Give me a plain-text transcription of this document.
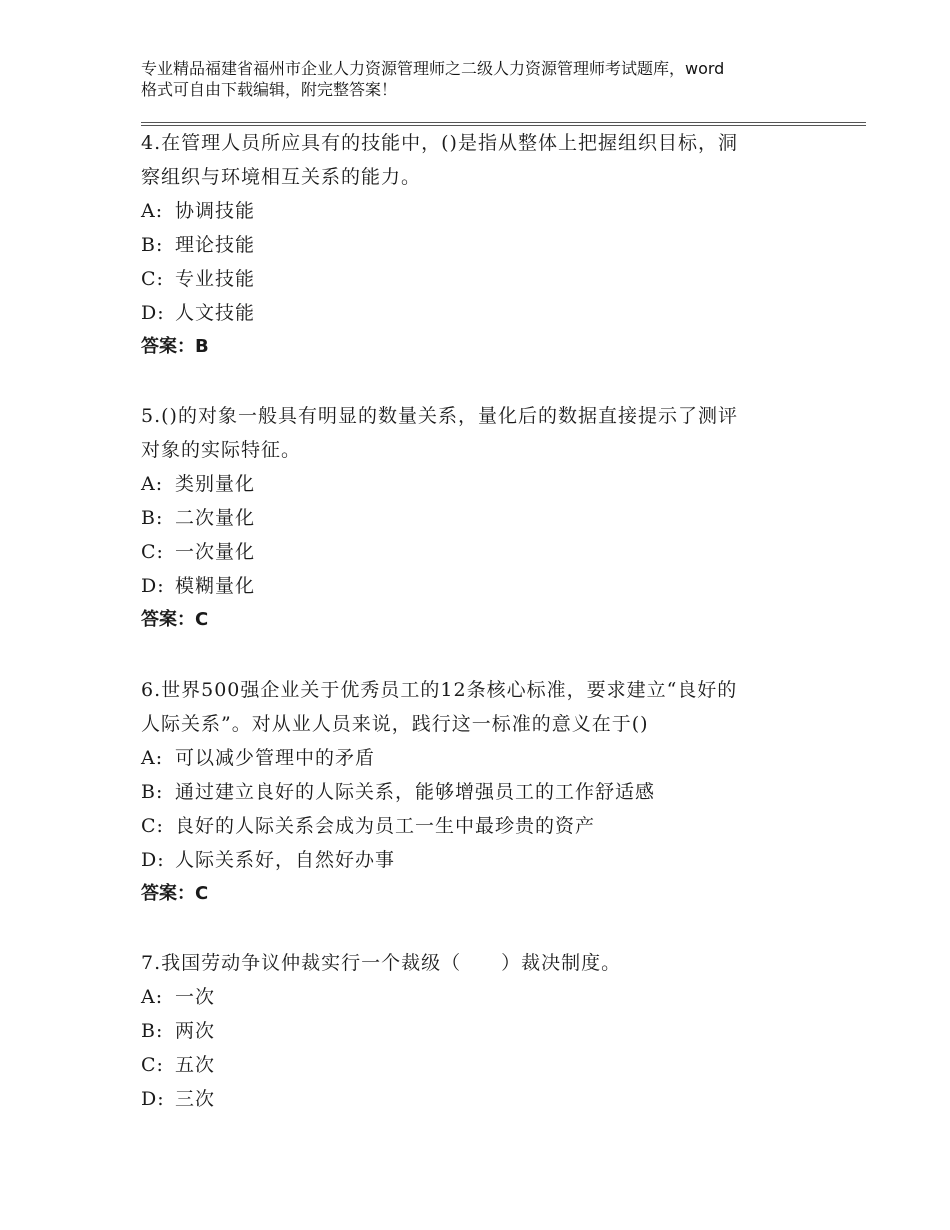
专业精品福建省福州市企业人力资源管理师之二级人力资源管理师考试题库，word
格式可自由下载编辑，附完整答案！

4.在管理人员所应具有的技能中，()是指从整体上把握组织目标，洞
察组织与环境相互关系的能力。

A: 协调技能
B: 理论技能
C: 专业技能
D: 人文技能
答案：B

5.()的对象一般具有明显的数量关系，量化后的数据直接提示了测评
对象的实际特征。

A: 类别量化
B: 二次量化
C: 一次量化
D: 模糊量化
答案：C

6.世界500强企业关于优秀员工的12条核心标准，要求建立“良好的
人际关系”。对从业人员来说，践行这一标准的意义在于()

A: 可以减少管理中的矛盾
B: 通过建立良好的人际关系，能够增强员工的工作舒适感
C: 良好的人际关系会成为员工一生中最珍贵的资产
D: 人际关系好，自然好办事
答案：C

7.我国劳动争议仲裁实行一个裁级（　　）裁决制度。

A: 一次
B: 两次
C: 五次
D: 三次
